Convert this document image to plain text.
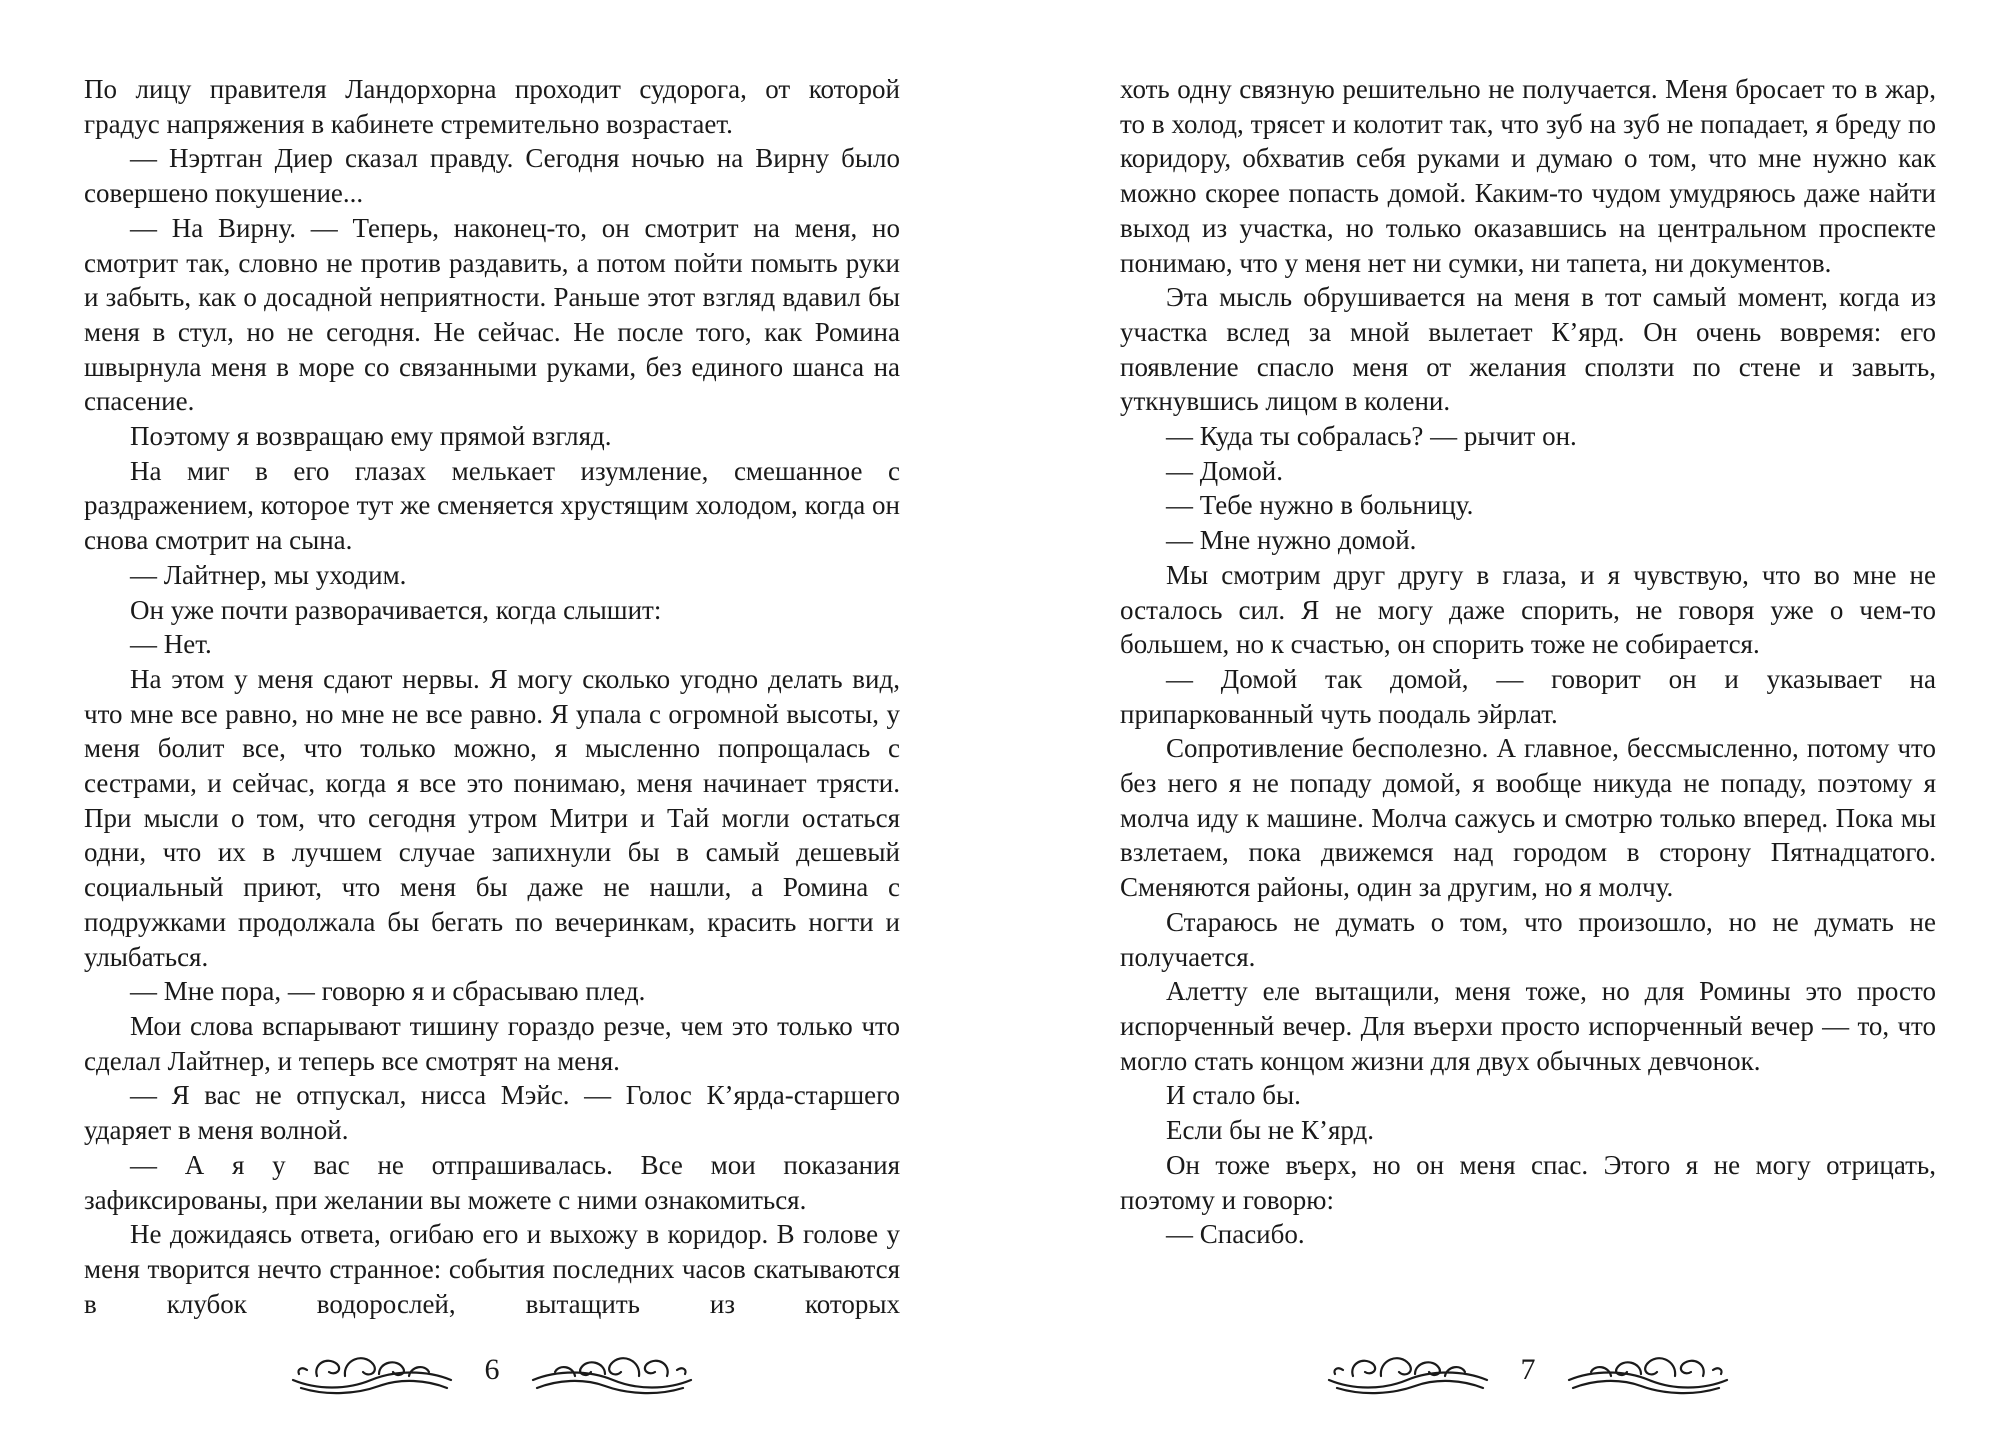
По лицу правителя Ландорхорна проходит судорога, от которой градус напряжения в кабинете стремительно возрастает.

— Нэртган Диер сказал правду. Сегодня ночью на Вирну было совершено покушение...

— На Вирну. — Теперь, наконец-то, он смотрит на меня, но смотрит так, словно не против раздавить, а потом пойти помыть руки и забыть, как о досадной неприятности. Раньше этот взгляд вдавил бы меня в стул, но не сегодня. Не сейчас. Не после того, как Ромина швырнула меня в море со связанными руками, без единого шанса на спасение.

Поэтому я возвращаю ему прямой взгляд.

На миг в его глазах мелькает изумление, смешанное с раздражением, которое тут же сменяется хрустящим холодом, когда он снова смотрит на сына.

— Лайтнер, мы уходим.

Он уже почти разворачивается, когда слышит:

— Нет.

На этом у меня сдают нервы. Я могу сколько угодно делать вид, что мне все равно, но мне не все равно. Я упала с огромной высоты, у меня болит все, что только можно, я мысленно попрощалась с сестрами, и сейчас, когда я все это понимаю, меня начинает трясти. При мысли о том, что сегодня утром Митри и Тай могли остаться одни, что их в лучшем случае запихнули бы в самый дешевый социальный приют, что меня бы даже не нашли, а Ромина с подружками продолжала бы бегать по вечеринкам, красить ногти и улыбаться.

— Мне пора, — говорю я и сбрасываю плед.

Мои слова вспарывают тишину гораздо резче, чем это только что сделал Лайтнер, и теперь все смотрят на меня.

— Я вас не отпускал, нисса Мэйс. — Голос К’ярда-старшего ударяет в меня волной.

— А я у вас не отпрашивалась. Все мои показания зафиксированы, при желании вы можете с ними ознакомиться.

Не дожидаясь ответа, огибаю его и выхожу в коридор. В голове у меня творится нечто странное: события последних часов скатываются в клубок водорослей, вытащить из которых

6

хоть одну связную решительно не получается. Меня бросает то в жар, то в холод, трясет и колотит так, что зуб на зуб не попадает, я бреду по коридору, обхватив себя руками и думаю о том, что мне нужно как можно скорее попасть домой. Каким-то чудом умудряюсь даже найти выход из участка, но только оказавшись на центральном проспекте понимаю, что у меня нет ни сумки, ни тапета, ни документов.

Эта мысль обрушивается на меня в тот самый момент, когда из участка вслед за мной вылетает К’ярд. Он очень вовремя: его появление спасло меня от желания сползти по стене и завыть, уткнувшись лицом в колени.

— Куда ты собралась? — рычит он.

— Домой.

— Тебе нужно в больницу.

— Мне нужно домой.

Мы смотрим друг другу в глаза, и я чувствую, что во мне не осталось сил. Я не могу даже спорить, не говоря уже о чем-то большем, но к счастью, он спорить тоже не собирается.

— Домой так домой, — говорит он и указывает на припаркованный чуть поодаль эйрлат.

Сопротивление бесполезно. А главное, бессмысленно, потому что без него я не попаду домой, я вообще никуда не попаду, поэтому я молча иду к машине. Молча сажусь и смотрю только вперед. Пока мы взлетаем, пока движемся над городом в сторону Пятнадцатого. Сменяются районы, один за другим, но я молчу.

Стараюсь не думать о том, что произошло, но не думать не получается.

Алетту еле вытащили, меня тоже, но для Ромины это просто испорченный вечер. Для въерхи просто испорченный вечер — то, что могло стать концом жизни для двух обычных девчонок.

И стало бы.

Если бы не К’ярд.

Он тоже въерх, но он меня спас. Этого я не могу отрицать, поэтому и говорю:

— Спасибо.

7
